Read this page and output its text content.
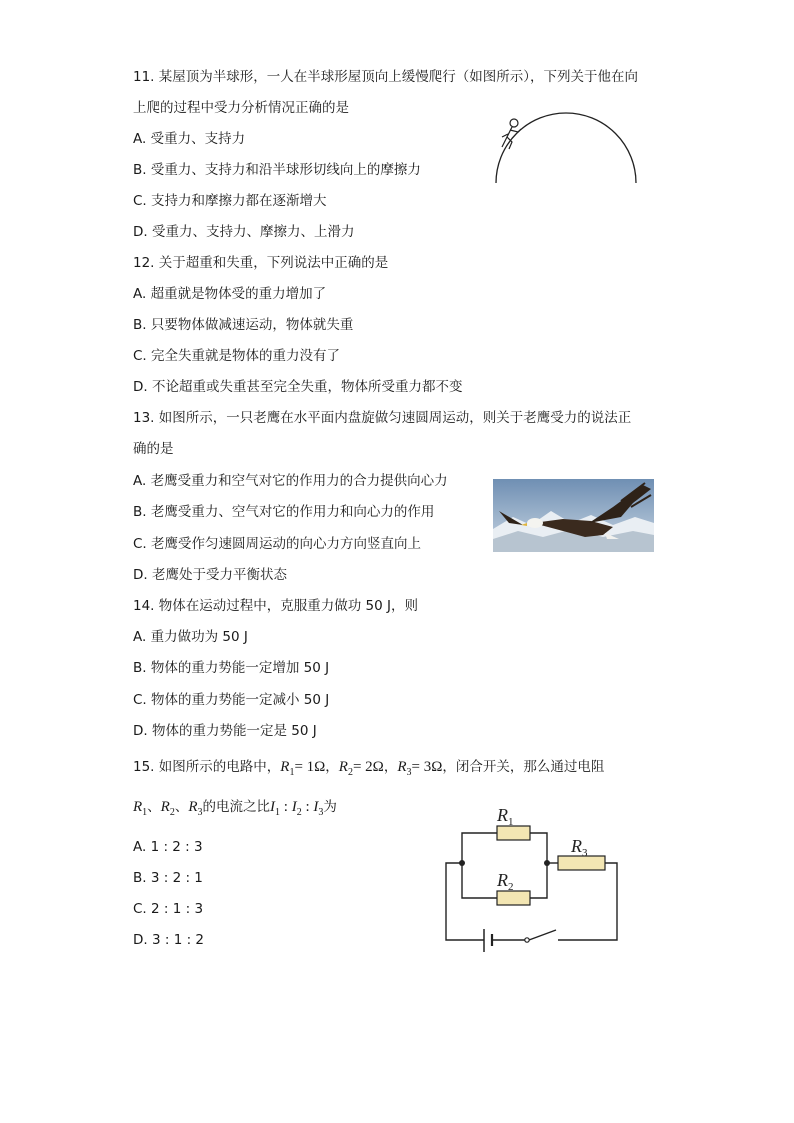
11. 某屋顶为半球形，一人在半球形屋顶向上缓慢爬行（如图所示），下列关于他在向
上爬的过程中受力分析情况正确的是
A. 受重力、支持力
B. 受重力、支持力和沿半球形切线向上的摩擦力
C. 支持力和摩擦力都在逐渐增大
D. 受重力、支持力、摩擦力、上滑力
12. 关于超重和失重，下列说法中正确的是
A. 超重就是物体受的重力增加了
B. 只要物体做减速运动，物体就失重
C. 完全失重就是物体的重力没有了
D. 不论超重或失重甚至完全失重，物体所受重力都不变
13. 如图所示，一只老鹰在水平面内盘旋做匀速圆周运动，则关于老鹰受力的说法正
确的是
A. 老鹰受重力和空气对它的作用力的合力提供向心力
B. 老鹰受重力、空气对它的作用力和向心力的作用
C. 老鹰受作匀速圆周运动的向心力方向竖直向上
D. 老鹰处于受力平衡状态
14. 物体在运动过程中，克服重力做功 50 J，则
A. 重力做功为 50 J
B. 物体的重力势能一定增加 50 J
C. 物体的重力势能一定减小 50 J
D. 物体的重力势能一定是 50 J
15. 如图所示的电路中，$R_1= 1\Omega$，$R_2= 2\Omega$，$R_3= 3\Omega$，闭合开关，那么通过电阻
$R_1$、$R_2$、$R_3$的电流之比$I_1$ : $I_2$ : $I_3$为
A. 1 : 2 : 3
B. 3 : 2 : 1
C. 2 : 1 : 3
D. 3 : 1 : 2
$R_1$
$R_2$
$R_3$
